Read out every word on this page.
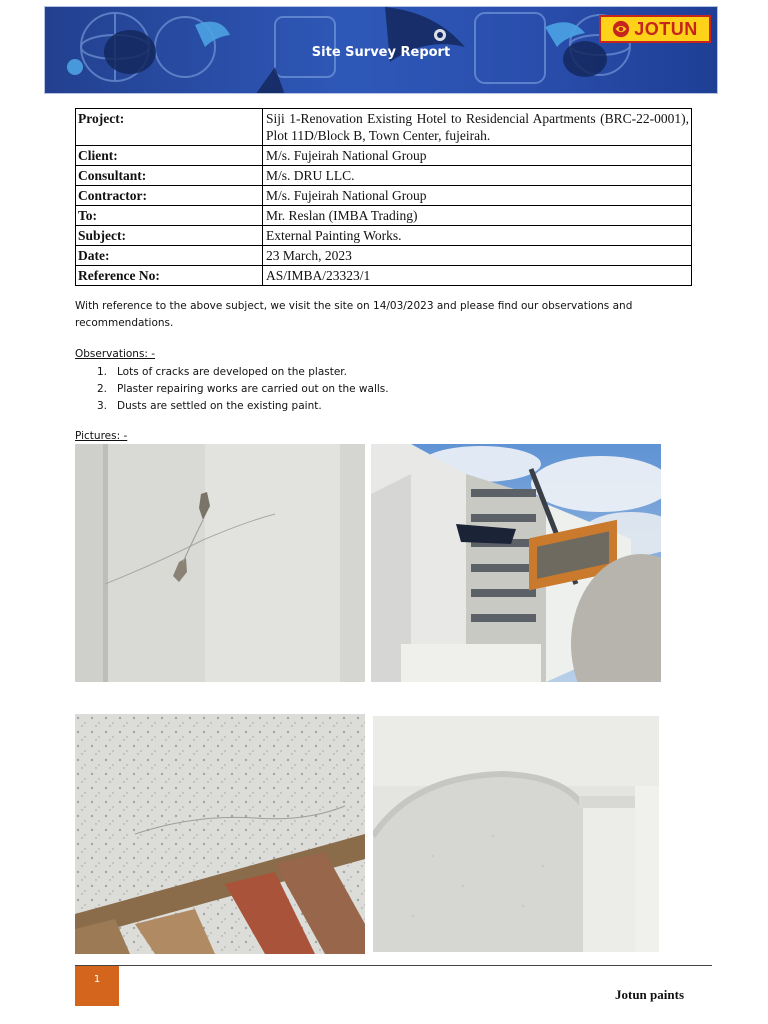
Site Survey Report
JOTUN
Project:	Siji 1-Renovation Existing Hotel to Residencial Apartments (BRC-22-0001), Plot 11D/Block B, Town Center, fujeirah.
Client:	M/s. Fujeirah National Group
Consultant:	M/s. DRU LLC.
Contractor:	M/s. Fujeirah National Group
To:	Mr. Reslan (IMBA Trading)
Subject:	External Painting Works.
Date:	23 March, 2023
Reference No:	AS/IMBA/23323/1

With reference to the above subject, we visit the site on 14/03/2023 and please find our observations and recommendations.

Observations: -

1. Lots of cracks are developed on the plaster.
2. Plaster repairing works are carried out on the walls.
3. Dusts are settled on the existing paint.

Pictures: -

1
Jotun paints
